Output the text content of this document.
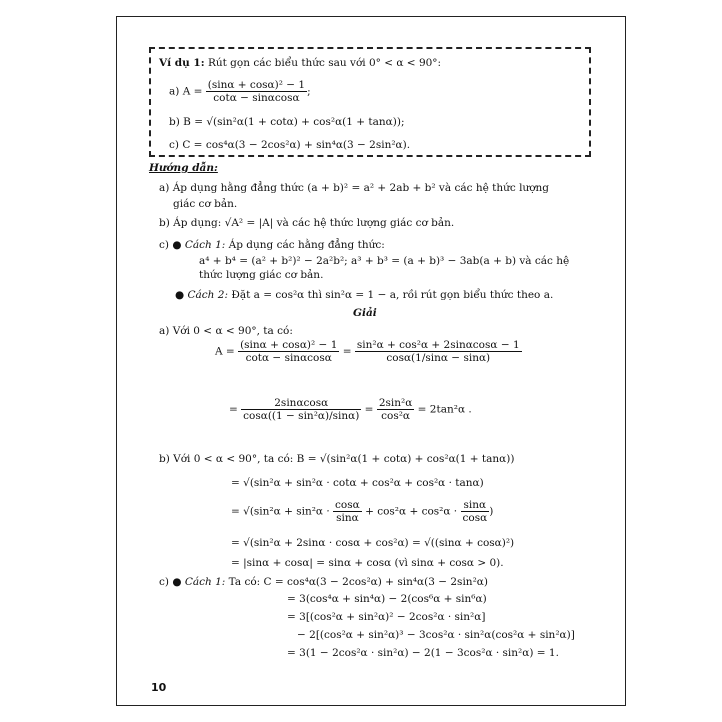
Ví dụ 1: Rút gọn các biểu thức sau với 0° < α < 90°:
a) $A = \frac{\text{(sinα + cosα)² − 1}}{\cot\alpha - \sin\alpha\cos\alpha}$ ;
b) B = √(sin²α(1 + cotα) + cos²α(1 + tanα));
c) C = cos⁴α(3 − 2cos²α) + sin⁴α(3 − 2sin²α).
Hướng dẫn:
a) Áp dụng hằng đẳng thức (a + b)² = a² + 2ab + b² và các hệ thức lượng
giác cơ bản.
b) Áp dụng: √A² = |A| và các hệ thức lượng giác cơ bản.
c) ● Cách 1: Áp dụng các hằng đẳng thức:
a⁴ + b⁴ = (a² + b²)² − 2a²b²; a³ + b³ = (a + b)³ − 3ab(a + b) và các hệ
thức lượng giác cơ bản.
● Cách 2: Đặt a = cos²α thì sin²α = 1 − a, rồi rút gọn biểu thức theo a.
Giải
a) Với 0 < α < 90°, ta có:
$A = \frac{\text{(sinα + cosα)² − 1}}{\cot\alpha - \sin\alpha\cos\alpha} = \frac{\text{sin²α + cos²α + 2sinαcosα − 1}}{\cos\alpha(1/\sin\alpha - \sin\alpha)}$
= $\frac{2\sin\alpha\cos\alpha}{\text{cosα((1 − sin²α)/sinα)}} = \frac{\text{2sin²α}}{\text{cos²α}} = 2\tan^2\alpha$ .
b) Với 0 < α < 90°, ta có: B = √(sin²α(1 + cotα) + cos²α(1 + tanα))
= √(sin²α + sin²α · cotα + cos²α + cos²α · tanα)
= $√(\sin^2\alpha + \sin^2\alpha \cdot \frac{\cos\alpha}{\sin\alpha} + \cos^2\alpha + \cos^2\alpha \cdot \frac{\sin\alpha}{\cos\alpha}$ )
= √(sin²α + 2sinα · cosα + cos²α) = √((sinα + cosα)²)
= |sinα + cosα| = sinα + cosα (vì sinα + cosα > 0).
c) ● Cách 1: Ta có: C = cos⁴α(3 − 2cos²α) + sin⁴α(3 − 2sin²α)
= 3(cos⁴α + sin⁴α) − 2(cos⁶α + sin⁶α)
= 3[(cos²α + sin²α)² − 2cos²α · sin²α]
− 2[(cos²α + sin²α)³ − 3cos²α · sin²α(cos²α + sin²α)]
= 3(1 − 2cos²α · sin²α) − 2(1 − 3cos²α · sin²α) = 1.
10
